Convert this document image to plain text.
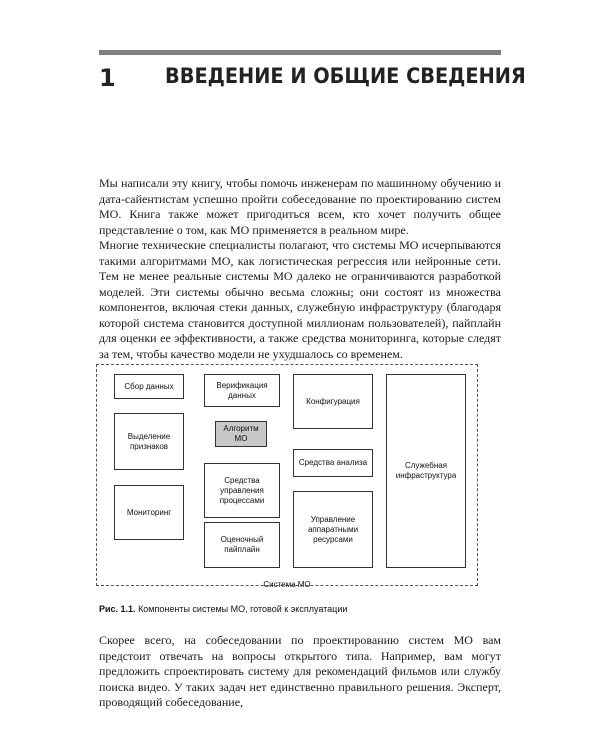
1 ВВЕДЕНИЕ И ОБЩИЕ СВЕДЕНИЯ

Мы написали эту книгу, чтобы помочь инженерам по машинному обучению и дата-сайентистам успешно пройти собеседование по проектированию систем МО. Книга также может пригодиться всем, кто хочет получить общее представление о том, как МО применяется в реальном мире.

Многие технические специалисты полагают, что системы МО исчерпываются такими алгоритмами МО, как логистическая регрессия или нейронные сети. Тем не менее реальные системы МО далеко не ограничиваются разработкой моделей. Эти системы обычно весьма сложны; они состоят из множества компонентов, включая стеки данных, служебную инфраструктуру (благодаря которой система становится доступной миллионам пользователей), пайплайн для оценки ее эффективности, а также средства мониторинга, которые следят за тем, чтобы качество модели не ухудшалось со временем.

Сбор данных
Выделение признаков
Мониторинг
Верификация данных
Алгоритм МО
Средства управления процессами
Оценочный пайплайн
Конфигурация
Средства анализа
Управление аппаратными ресурсами
Служебная инфраструктура
Система МО
Рис. 1.1. Компоненты системы МО, готовой к эксплуатации

Скорее всего, на собеседовании по проектированию систем МО вам предстоит отвечать на вопросы открытого типа. Например, вам могут предложить спроектировать систему для рекомендаций фильмов или службу поиска видео. У таких задач нет единственно правильного решения. Эксперт, проводящий собеседование,
